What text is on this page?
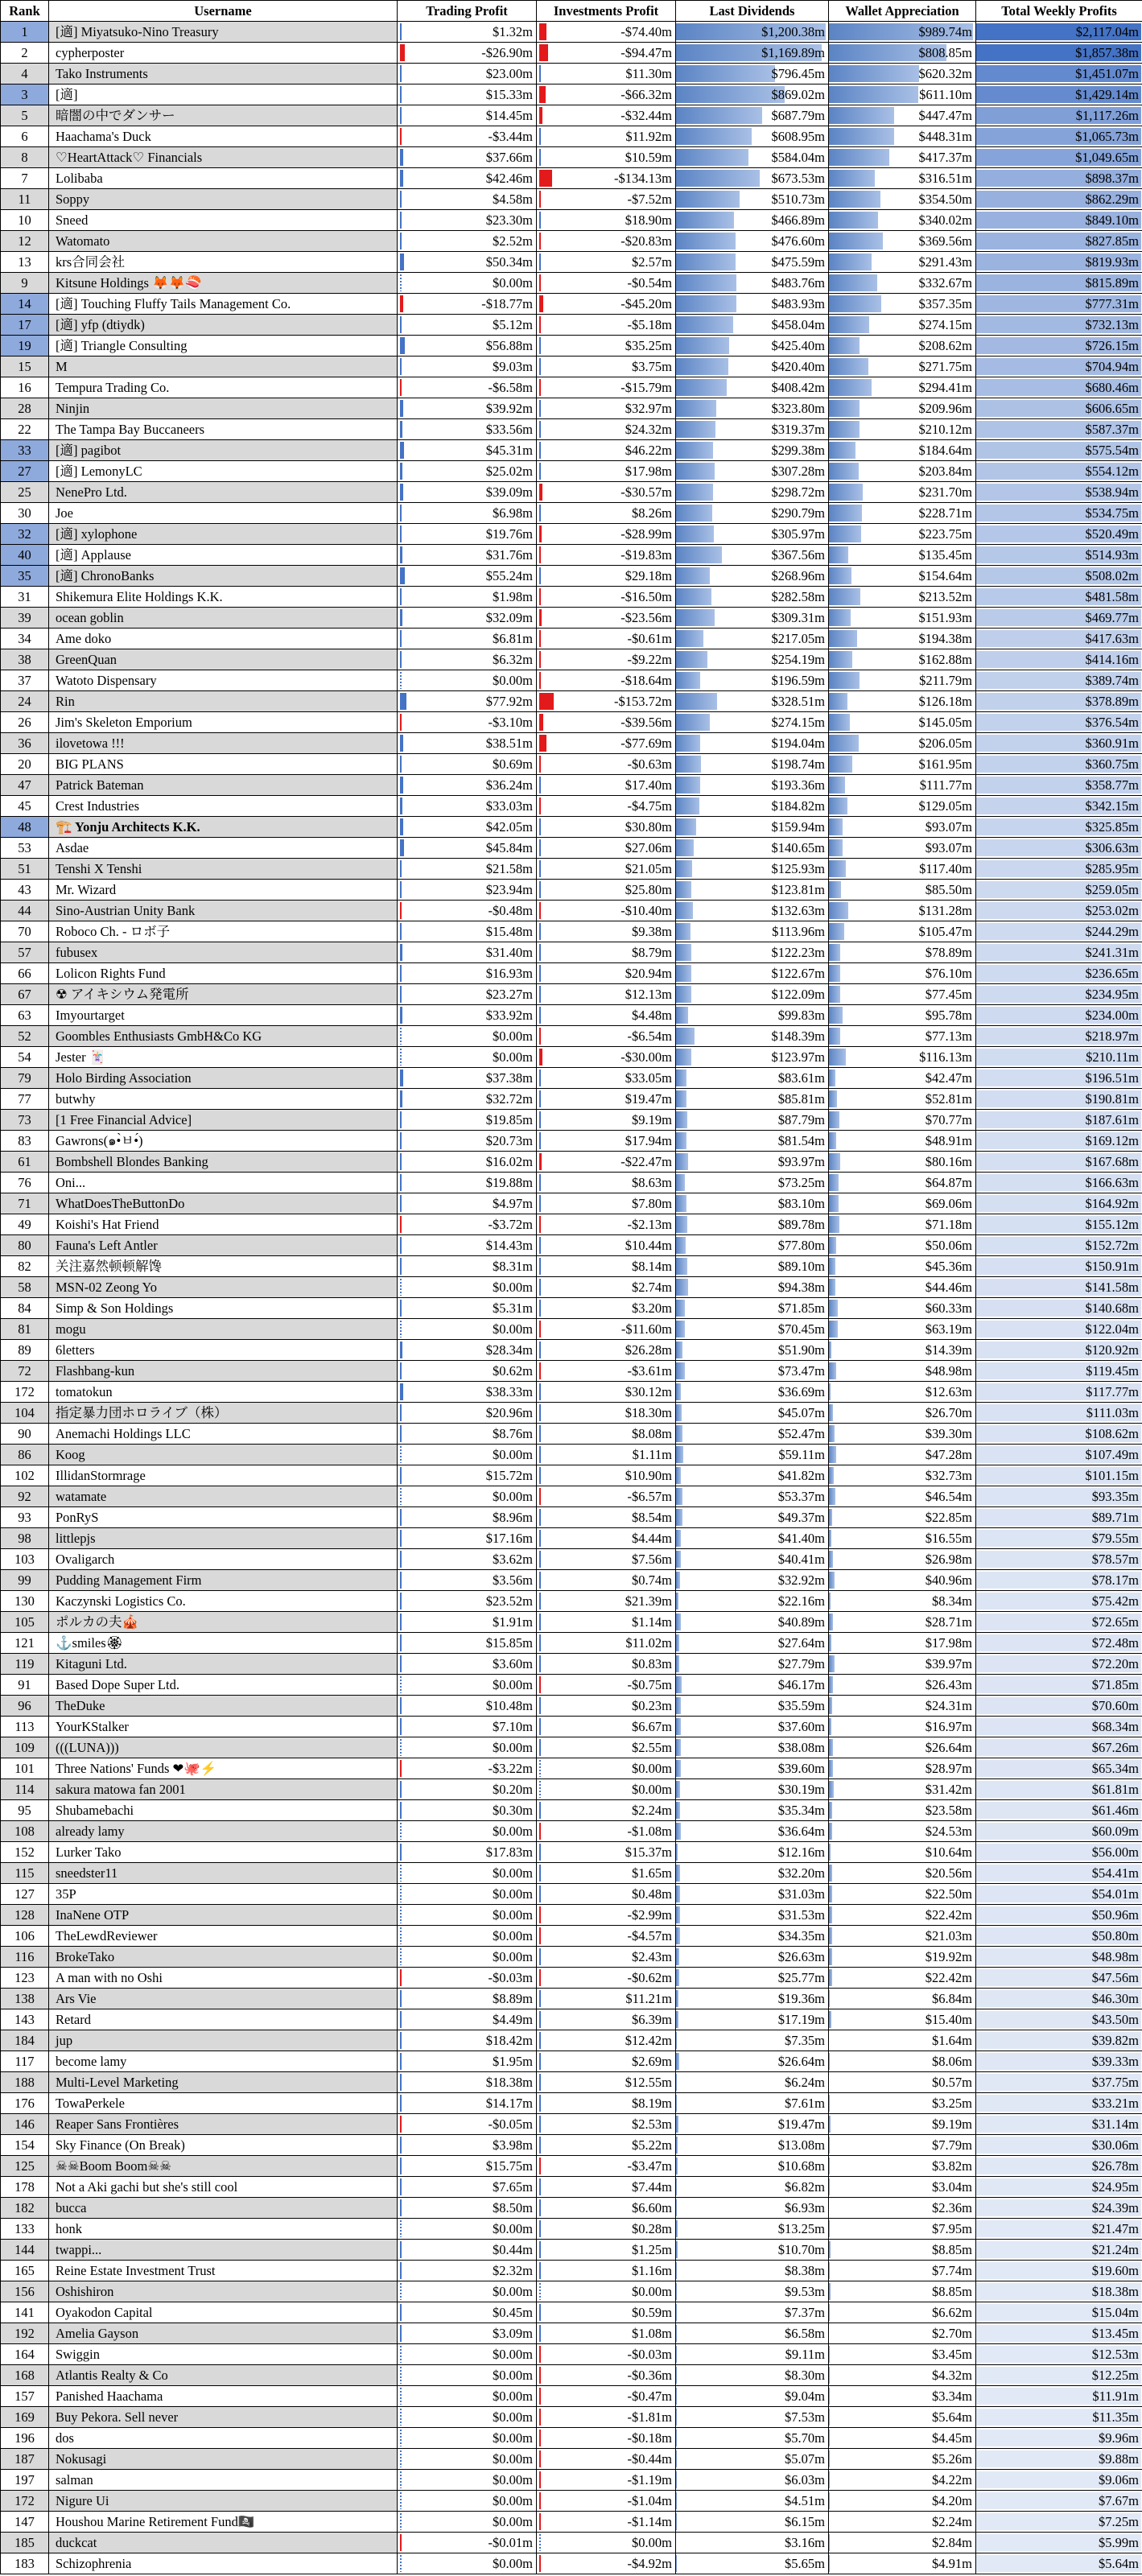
Rank	Username	Trading Profit	Investments Profit	Last Dividends	Wallet Appreciation	Total Weekly Profits
1	[適] Miyatsuko-Nino Treasury	$1.32m	-$74.40m	$1,200.38m	$989.74m	$2,117.04m
2	cypherposter	-$26.90m	-$94.47m	$1,169.89m	$808.85m	$1,857.38m
4	Tako Instruments	$23.00m	$11.30m	$796.45m	$620.32m	$1,451.07m
3	[適]	$15.33m	-$66.32m	$869.02m	$611.10m	$1,429.14m
5	暗闇の中でダンサー	$14.45m	-$32.44m	$687.79m	$447.47m	$1,117.26m
6	Haachama's Duck	-$3.44m	$11.92m	$608.95m	$448.31m	$1,065.73m
8	♡HeartAttack♡ Financials	$37.66m	$10.59m	$584.04m	$417.37m	$1,049.65m
7	Lolibaba	$42.46m	-$134.13m	$673.53m	$316.51m	$898.37m
11	Soppy	$4.58m	-$7.52m	$510.73m	$354.50m	$862.29m
10	Sneed	$23.30m	$18.90m	$466.89m	$340.02m	$849.10m
12	Watomato	$2.52m	-$20.83m	$476.60m	$369.56m	$827.85m
13	krs合同会社	$50.34m	$2.57m	$475.59m	$291.43m	$819.93m
9	Kitsune Holdings 🦊🦊🍣	$0.00m	-$0.54m	$483.76m	$332.67m	$815.89m
14	[適] Touching Fluffy Tails Management Co.	-$18.77m	-$45.20m	$483.93m	$357.35m	$777.31m
17	[適] yfp (dtiydk)	$5.12m	-$5.18m	$458.04m	$274.15m	$732.13m
19	[適] Triangle Consulting	$56.88m	$35.25m	$425.40m	$208.62m	$726.15m
15	M	$9.03m	$3.75m	$420.40m	$271.75m	$704.94m
16	Tempura Trading Co.	-$6.58m	-$15.79m	$408.42m	$294.41m	$680.46m
28	Ninjin	$39.92m	$32.97m	$323.80m	$209.96m	$606.65m
22	The Tampa Bay Buccaneers	$33.56m	$24.32m	$319.37m	$210.12m	$587.37m
33	[適] pagibot	$45.31m	$46.22m	$299.38m	$184.64m	$575.54m
27	[適] LemonyLC	$25.02m	$17.98m	$307.28m	$203.84m	$554.12m
25	NenePro Ltd.	$39.09m	-$30.57m	$298.72m	$231.70m	$538.94m
30	Joe	$6.98m	$8.26m	$290.79m	$228.71m	$534.75m
32	[適] xylophone	$19.76m	-$28.99m	$305.97m	$223.75m	$520.49m
40	[適] Applause	$31.76m	-$19.83m	$367.56m	$135.45m	$514.93m
35	[適] ChronoBanks	$55.24m	$29.18m	$268.96m	$154.64m	$508.02m
31	Shikemura Elite Holdings K.K.	$1.98m	-$16.50m	$282.58m	$213.52m	$481.58m
39	ocean goblin	$32.09m	-$23.56m	$309.31m	$151.93m	$469.77m
34	Ame doko	$6.81m	-$0.61m	$217.05m	$194.38m	$417.63m
38	GreenQuan	$6.32m	-$9.22m	$254.19m	$162.88m	$414.16m
37	Watoto Dispensary	$0.00m	-$18.64m	$196.59m	$211.79m	$389.74m
24	Rin	$77.92m	-$153.72m	$328.51m	$126.18m	$378.89m
26	Jim's Skeleton Emporium	-$3.10m	-$39.56m	$274.15m	$145.05m	$376.54m
36	ilovetowa !!!	$38.51m	-$77.69m	$194.04m	$206.05m	$360.91m
20	BIG PLANS	$0.69m	-$0.63m	$198.74m	$161.95m	$360.75m
47	Patrick Bateman	$36.24m	$17.40m	$193.36m	$111.77m	$358.77m
45	Crest Industries	$33.03m	-$4.75m	$184.82m	$129.05m	$342.15m
48	🏗️ Yonju Architects K.K.	$42.05m	$30.80m	$159.94m	$93.07m	$325.85m
53	Asdae	$45.84m	$27.06m	$140.65m	$93.07m	$306.63m
51	Tenshi X Tenshi	$21.58m	$21.05m	$125.93m	$117.40m	$285.95m
43	Mr. Wizard	$23.94m	$25.80m	$123.81m	$85.50m	$259.05m
44	Sino-Austrian Unity Bank	-$0.48m	-$10.40m	$132.63m	$131.28m	$253.02m
70	Roboco Ch. - ロボ子	$15.48m	$9.38m	$113.96m	$105.47m	$244.29m
57	fubusex	$31.40m	$8.79m	$122.23m	$78.89m	$241.31m
66	Lolicon Rights Fund	$16.93m	$20.94m	$122.67m	$76.10m	$236.65m
67	☢ アイキシウム発電所	$23.27m	$12.13m	$122.09m	$77.45m	$234.95m
63	Imyourtarget	$33.92m	$4.48m	$99.83m	$95.78m	$234.00m
52	Goombles Enthusiasts GmbH&Co KG	$0.00m	-$6.54m	$148.39m	$77.13m	$218.97m
54	Jester 🃏	$0.00m	-$30.00m	$123.97m	$116.13m	$210.11m
79	Holo Birding Association	$37.38m	$33.05m	$83.61m	$42.47m	$196.51m
77	butwhy	$32.72m	$19.47m	$85.81m	$52.81m	$190.81m
73	[1 Free Financial Advice]	$19.85m	$9.19m	$87.79m	$70.77m	$187.61m
83	Gawrons(๑•̀ㅂ•́)	$20.73m	$17.94m	$81.54m	$48.91m	$169.12m
61	Bombshell Blondes Banking	$16.02m	-$22.47m	$93.97m	$80.16m	$167.68m
76	Oni...	$19.88m	$8.63m	$73.25m	$64.87m	$166.63m
71	WhatDoesTheButtonDo	$4.97m	$7.80m	$83.10m	$69.06m	$164.92m
49	Koishi's Hat Friend	-$3.72m	-$2.13m	$89.78m	$71.18m	$155.12m
80	Fauna's Left Antler	$14.43m	$10.44m	$77.80m	$50.06m	$152.72m
82	关注嘉然顿顿解馋	$8.31m	$8.14m	$89.10m	$45.36m	$150.91m
58	MSN-02 Zeong Yo	$0.00m	$2.74m	$94.38m	$44.46m	$141.58m
84	Simp & Son Holdings	$5.31m	$3.20m	$71.85m	$60.33m	$140.68m
81	mogu	$0.00m	-$11.60m	$70.45m	$63.19m	$122.04m
89	6letters	$28.34m	$26.28m	$51.90m	$14.39m	$120.92m
72	Flashbang-kun	$0.62m	-$3.61m	$73.47m	$48.98m	$119.45m
172	tomatokun	$38.33m	$30.12m	$36.69m	$12.63m	$117.77m
104	指定暴力団ホロライブ（株）	$20.96m	$18.30m	$45.07m	$26.70m	$111.03m
90	Anemachi Holdings LLC	$8.76m	$8.08m	$52.47m	$39.30m	$108.62m
86	Koog	$0.00m	$1.11m	$59.11m	$47.28m	$107.49m
102	IllidanStormrage	$15.72m	$10.90m	$41.82m	$32.73m	$101.15m
92	watamate	$0.00m	-$6.57m	$53.37m	$46.54m	$93.35m
93	PonRyS	$8.96m	$8.54m	$49.37m	$22.85m	$89.71m
98	littlepjs	$17.16m	$4.44m	$41.40m	$16.55m	$79.55m
103	Ovaligarch	$3.62m	$7.56m	$40.41m	$26.98m	$78.57m
99	Pudding Management Firm	$3.56m	$0.74m	$32.92m	$40.96m	$78.17m
130	Kaczynski Logistics Co.	$23.52m	$21.39m	$22.16m	$8.34m	$75.42m
105	ポルカの夫🎪	$1.91m	$1.14m	$40.89m	$28.71m	$72.65m
121	⚓smiles🏵	$15.85m	$11.02m	$27.64m	$17.98m	$72.48m
119	Kitaguni Ltd.	$3.60m	$0.83m	$27.79m	$39.97m	$72.20m
91	Based Dope Super Ltd.	$0.00m	-$0.75m	$46.17m	$26.43m	$71.85m
96	TheDuke	$10.48m	$0.23m	$35.59m	$24.31m	$70.60m
113	YourKStalker	$7.10m	$6.67m	$37.60m	$16.97m	$68.34m
109	(((LUNA)))	$0.00m	$2.55m	$38.08m	$26.64m	$67.26m
101	Three Nations' Funds ❤🐙⚡	-$3.22m	$0.00m	$39.60m	$28.97m	$65.34m
114	sakura matowa fan 2001	$0.20m	$0.00m	$30.19m	$31.42m	$61.81m
95	Shubamebachi	$0.30m	$2.24m	$35.34m	$23.58m	$61.46m
108	already lamy	$0.00m	-$1.08m	$36.64m	$24.53m	$60.09m
152	Lurker Tako	$17.83m	$15.37m	$12.16m	$10.64m	$56.00m
115	sneedster11	$0.00m	$1.65m	$32.20m	$20.56m	$54.41m
127	35P	$0.00m	$0.48m	$31.03m	$22.50m	$54.01m
128	InaNene OTP	$0.00m	-$2.99m	$31.53m	$22.42m	$50.96m
106	TheLewdReviewer	$0.00m	-$4.57m	$34.35m	$21.03m	$50.80m
116	BrokeTako	$0.00m	$2.43m	$26.63m	$19.92m	$48.98m
123	A man with no Oshi	-$0.03m	-$0.62m	$25.77m	$22.42m	$47.56m
138	Ars Vie	$8.89m	$11.21m	$19.36m	$6.84m	$46.30m
143	Retard	$4.49m	$6.39m	$17.19m	$15.40m	$43.50m
184	jup	$18.42m	$12.42m	$7.35m	$1.64m	$39.82m
117	become lamy	$1.95m	$2.69m	$26.64m	$8.06m	$39.33m
188	Multi-Level Marketing	$18.38m	$12.55m	$6.24m	$0.57m	$37.75m
176	TowaPerkele	$14.17m	$8.19m	$7.61m	$3.25m	$33.21m
146	Reaper Sans Frontières	-$0.05m	$2.53m	$19.47m	$9.19m	$31.14m
154	Sky Finance (On Break)	$3.98m	$5.22m	$13.08m	$7.79m	$30.06m
125	☠☠Boom Boom☠☠	$15.75m	-$3.47m	$10.68m	$3.82m	$26.78m
178	Not a Aki gachi but she's still cool	$7.65m	$7.44m	$6.82m	$3.04m	$24.95m
182	bucca	$8.50m	$6.60m	$6.93m	$2.36m	$24.39m
133	honk	$0.00m	$0.28m	$13.25m	$7.95m	$21.47m
144	twappi...	$0.44m	$1.25m	$10.70m	$8.85m	$21.24m
165	Reine Estate Investment Trust	$2.32m	$1.16m	$8.38m	$7.74m	$19.60m
156	Oshishiron	$0.00m	$0.00m	$9.53m	$8.85m	$18.38m
141	Oyakodon Capital	$0.45m	$0.59m	$7.37m	$6.62m	$15.04m
192	Amelia Gayson	$3.09m	$1.08m	$6.58m	$2.70m	$13.45m
164	Swiggin	$0.00m	-$0.03m	$9.11m	$3.45m	$12.53m
168	Atlantis Realty & Co	$0.00m	-$0.36m	$8.30m	$4.32m	$12.25m
157	Panished Haachama	$0.00m	-$0.47m	$9.04m	$3.34m	$11.91m
169	Buy Pekora. Sell never	$0.00m	-$1.81m	$7.53m	$5.64m	$11.35m
196	dos	$0.00m	-$0.18m	$5.70m	$4.45m	$9.96m
187	Nokusagi	$0.00m	-$0.44m	$5.07m	$5.26m	$9.88m
197	salman	$0.00m	-$1.19m	$6.03m	$4.22m	$9.06m
172	Nigure Ui	$0.00m	-$1.04m	$4.51m	$4.20m	$7.67m
147	Houshou Marine Retirement Fund🏴‍☠️	$0.00m	-$1.14m	$6.15m	$2.24m	$7.25m
185	duckcat	-$0.01m	$0.00m	$3.16m	$2.84m	$5.99m
183	Schizophrenia	$0.00m	-$4.92m	$5.65m	$4.91m	$5.64m
